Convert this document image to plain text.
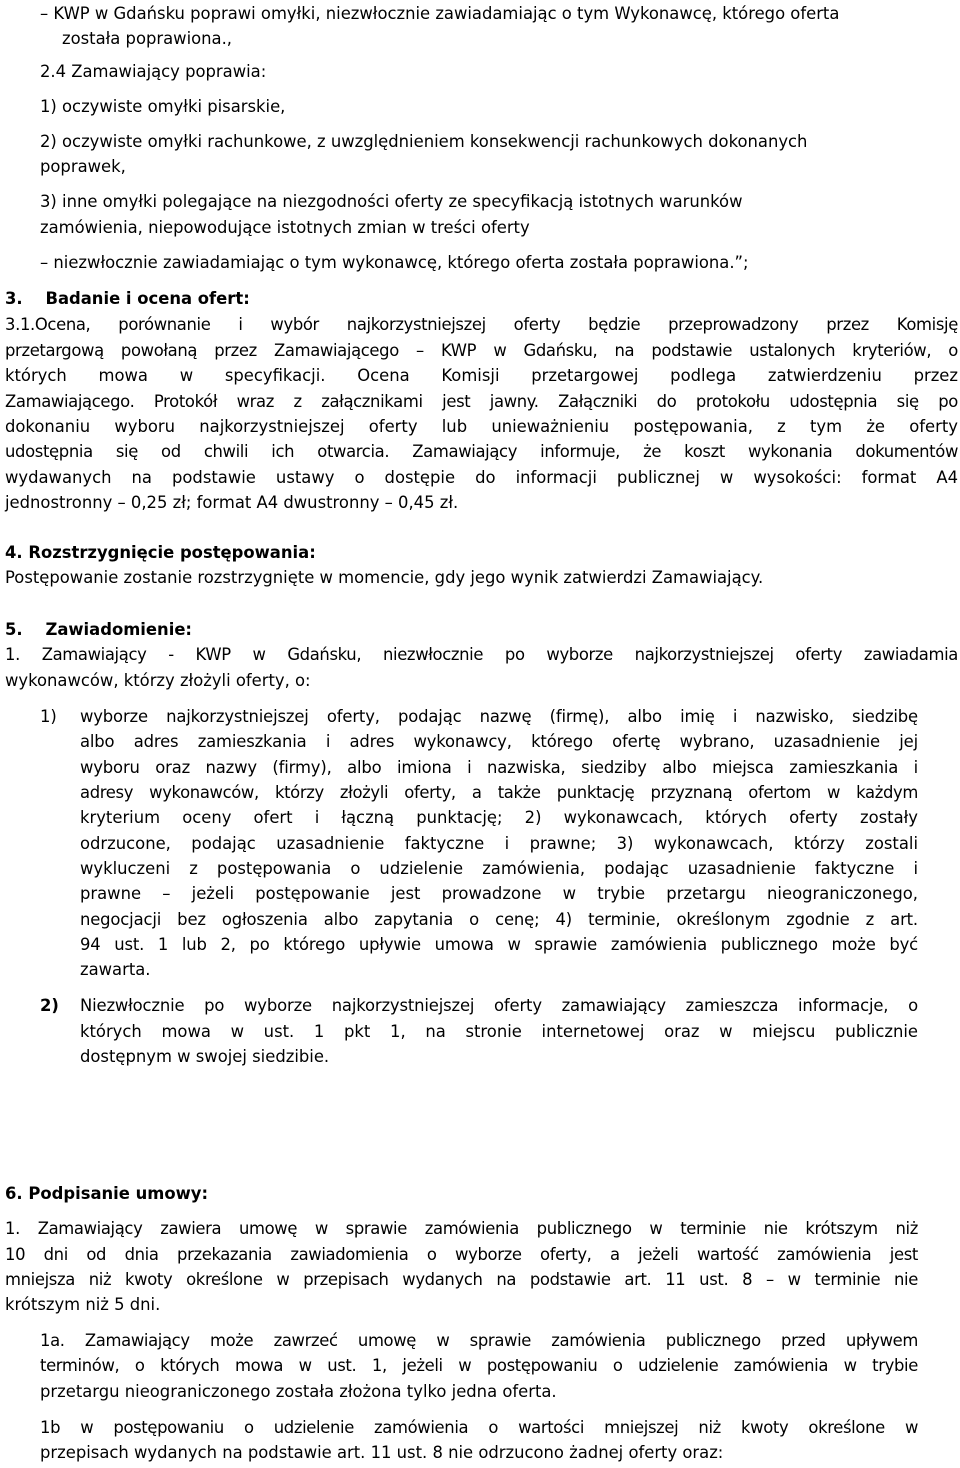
– KWP w Gdańsku poprawi omyłki, niezwłocznie zawiadamiając o tym Wykonawcę, którego oferta
została poprawiona.,
2.4 Zamawiający poprawia:
1) oczywiste omyłki pisarskie,
2) oczywiste omyłki rachunkowe, z uwzględnieniem konsekwencji rachunkowych dokonanych
poprawek,
3) inne omyłki polegające na niezgodności oferty ze specyfikacją istotnych warunków
zamówienia, niepowodujące istotnych zmian w treści oferty
– niezwłocznie zawiadamiając o tym wykonawcę, którego oferta została poprawiona.”;
3.    Badanie i ocena ofert:
3.1.Ocena, porównanie i wybór najkorzystniejszej oferty będzie przeprowadzony przez Komisję
przetargową powołaną przez Zamawiającego – KWP w Gdańsku, na podstawie ustalonych kryteriów, o
których mowa w specyfikacji. Ocena Komisji przetargowej podlega zatwierdzeniu przez
Zamawiającego. Protokół wraz z załącznikami jest jawny. Załączniki do protokołu udostępnia się po
dokonaniu wyboru najkorzystniejszej oferty lub unieważnieniu postępowania, z tym że oferty
udostępnia się od chwili ich otwarcia. Zamawiający informuje, że koszt wykonania dokumentów
wydawanych na podstawie ustawy o dostępie do informacji publicznej w wysokości: format A4
jednostronny – 0,25 zł; format A4 dwustronny – 0,45 zł.
4. Rozstrzygnięcie postępowania:
Postępowanie zostanie rozstrzygnięte w momencie, gdy jego wynik zatwierdzi Zamawiający.
5.    Zawiadomienie:
1. Zamawiający - KWP w Gdańsku, niezwłocznie po wyborze najkorzystniejszej oferty zawiadamia
wykonawców, którzy złożyli oferty, o:
1) wyborze najkorzystniejszej oferty, podając nazwę (firmę), albo imię i nazwisko, siedzibę
albo adres zamieszkania i adres wykonawcy, którego ofertę wybrano, uzasadnienie jej
wyboru oraz nazwy (firmy), albo imiona i nazwiska, siedziby albo miejsca zamieszkania i
adresy wykonawców, którzy złożyli oferty, a także punktację przyznaną ofertom w każdym
kryterium oceny ofert i łączną punktację; 2) wykonawcach, których oferty zostały
odrzucone, podając uzasadnienie faktyczne i prawne; 3) wykonawcach, którzy zostali
wykluczeni z postępowania o udzielenie zamówienia, podając uzasadnienie faktyczne i
prawne – jeżeli postępowanie jest prowadzone w trybie przetargu nieograniczonego,
negocjacji bez ogłoszenia albo zapytania o cenę; 4) terminie, określonym zgodnie z art.
94 ust. 1 lub 2, po którego upływie umowa w sprawie zamówienia publicznego może być
zawarta.
2) Niezwłocznie po wyborze najkorzystniejszej oferty zamawiający zamieszcza informacje, o
których mowa w ust. 1 pkt 1, na stronie internetowej oraz w miejscu publicznie
dostępnym w swojej siedzibie.
6. Podpisanie umowy:
1. Zamawiający zawiera umowę w sprawie zamówienia publicznego w terminie nie krótszym niż
10 dni od dnia przekazania zawiadomienia o wyborze oferty, a jeżeli wartość zamówienia jest
mniejsza niż kwoty określone w przepisach wydanych na podstawie art. 11 ust. 8 – w terminie nie
krótszym niż 5 dni.
1a. Zamawiający może zawrzeć umowę w sprawie zamówienia publicznego przed upływem
terminów, o których mowa w ust. 1, jeżeli w postępowaniu o udzielenie zamówienia w trybie
przetargu nieograniczonego została złożona tylko jedna oferta.
1b w postępowaniu o udzielenie zamówienia o wartości mniejszej niż kwoty określone w
przepisach wydanych na podstawie art. 11 ust. 8 nie odrzucono żadnej oferty oraz:
